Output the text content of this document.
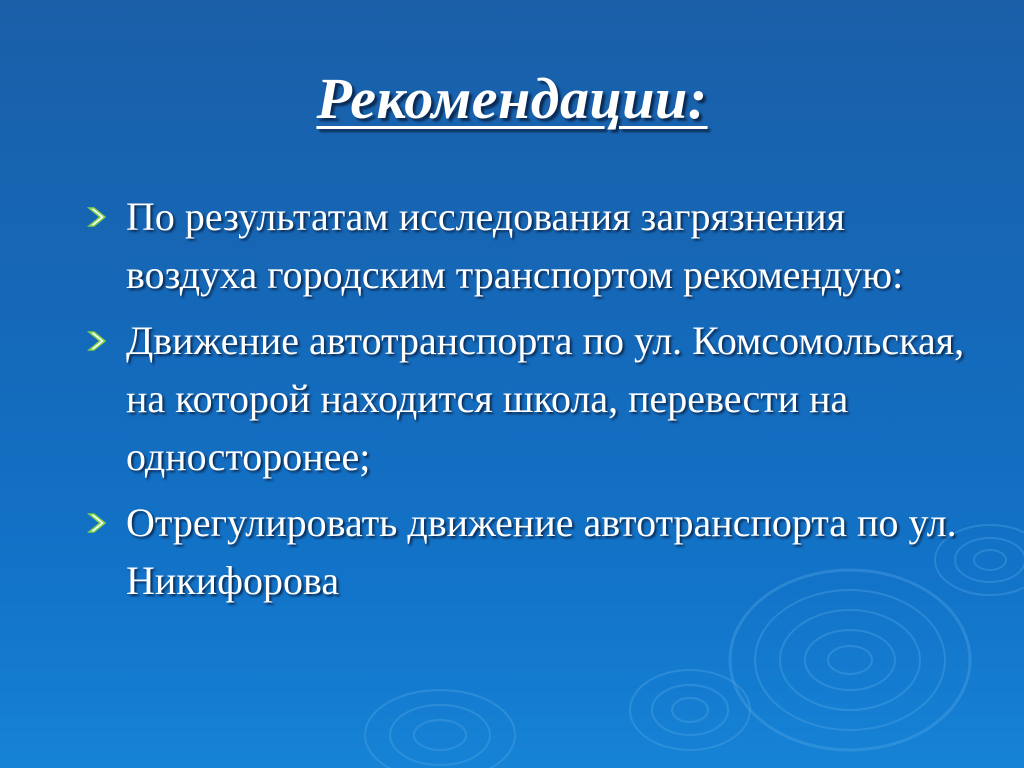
Рекомендации:
По результатам исследования загрязнения воздуха городским транспортом рекомендую:
Движение автотранспорта по ул. Комсомольская, на которой находится школа, перевести на односторонее;
Отрегулировать движение автотранспорта по ул. Никифорова
